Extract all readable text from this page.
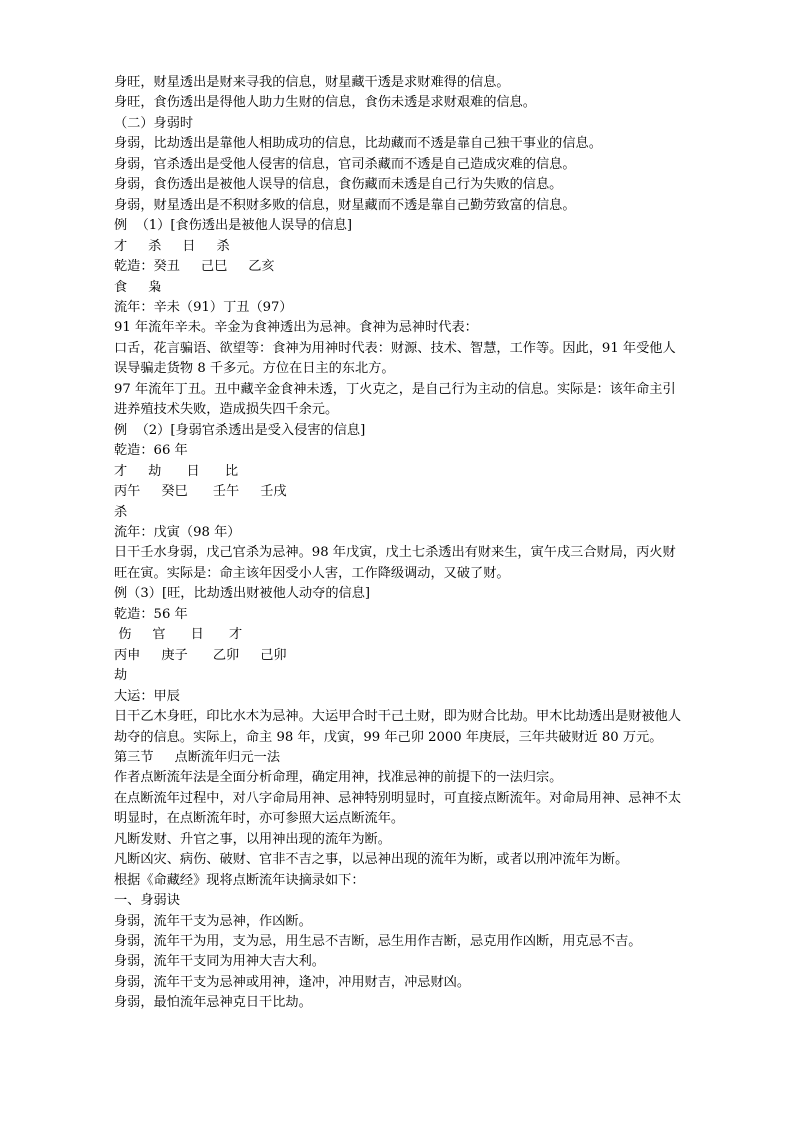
身旺，财星透出是财来寻我的信息，财星藏干透是求财难得的信息。
身旺，食伤透出是得他人助力生财的信息，食伤未透是求财艰难的信息。
（二）身弱时
身弱，比劫透出是靠他人相助成功的信息，比劫藏而不透是靠自己独干事业的信息。
身弱，官杀透出是受他人侵害的信息，官司杀藏而不透是自己造成灾难的信息。
身弱，食伤透出是被他人误导的信息，食伤藏而未透是自己行为失败的信息。
身弱，财星透出是不积财多败的信息，财星藏而不透是靠自己勤劳致富的信息。
例  （1）[食伤透出是被他人误导的信息]
才     杀     日     杀
乾造：癸丑     己巳     乙亥
食     枭
流年：辛未（91）丁丑（97）
91 年流年辛未。辛金为食神透出为忌神。食神为忌神时代表：
口舌，花言骗语、欲望等：食神为用神时代表：财源、技术、智慧，工作等。因此，91 年受他人
误导骗走货物 8 千多元。方位在日主的东北方。
97 年流年丁丑。丑中藏辛金食神未透，丁火克之，是自己行为主动的信息。实际是：该年命主引
进养殖技术失败，造成损失四千余元。
例  （2）[身弱官杀透出是受入侵害的信息]
乾造：66 年
才     劫      日      比
丙午     癸巳      壬午     壬戌
杀
流年：戊寅（98 年）
日干壬水身弱，戊己官杀为忌神。98 年戊寅，戊土七杀透出有财来生，寅午戌三合财局，丙火财
旺在寅。实际是：命主该年因受小人害，工作降级调动，又破了财。
例（3）[旺，比劫透出财被他人动夺的信息]
乾造：56 年
伤     官      日      才
丙申     庚子      乙卯     己卯
劫
大运：甲辰
日干乙木身旺，印比水木为忌神。大运甲合时干己土财，即为财合比劫。甲木比劫透出是财被他人
劫夺的信息。实际上，命主 98 年，戊寅，99 年己卯 2000 年庚辰，三年共破财近 80 万元。
第三节     点断流年归元一法
作者点断流年法是全面分析命理，确定用神，找准忌神的前提下的一法归宗。
在点断流年过程中，对八字命局用神、忌神特别明显时，可直接点断流年。对命局用神、忌神不太
明显时，在点断流年时，亦可参照大运点断流年。
凡断发财、升官之事，以用神出现的流年为断。
凡断凶灾、病伤、破财、官非不吉之事，以忌神出现的流年为断，或者以刑冲流年为断。
根据《命藏经》现将点断流年诀摘录如下：
一、身弱诀
身弱，流年干支为忌神，作凶断。
身弱，流年干为用，支为忌，用生忌不吉断，忌生用作吉断，忌克用作凶断，用克忌不吉。
身弱，流年干支同为用神大吉大利。
身弱，流年干支为忌神或用神，逢冲，冲用财吉，冲忌财凶。
身弱，最怕流年忌神克日干比劫。
